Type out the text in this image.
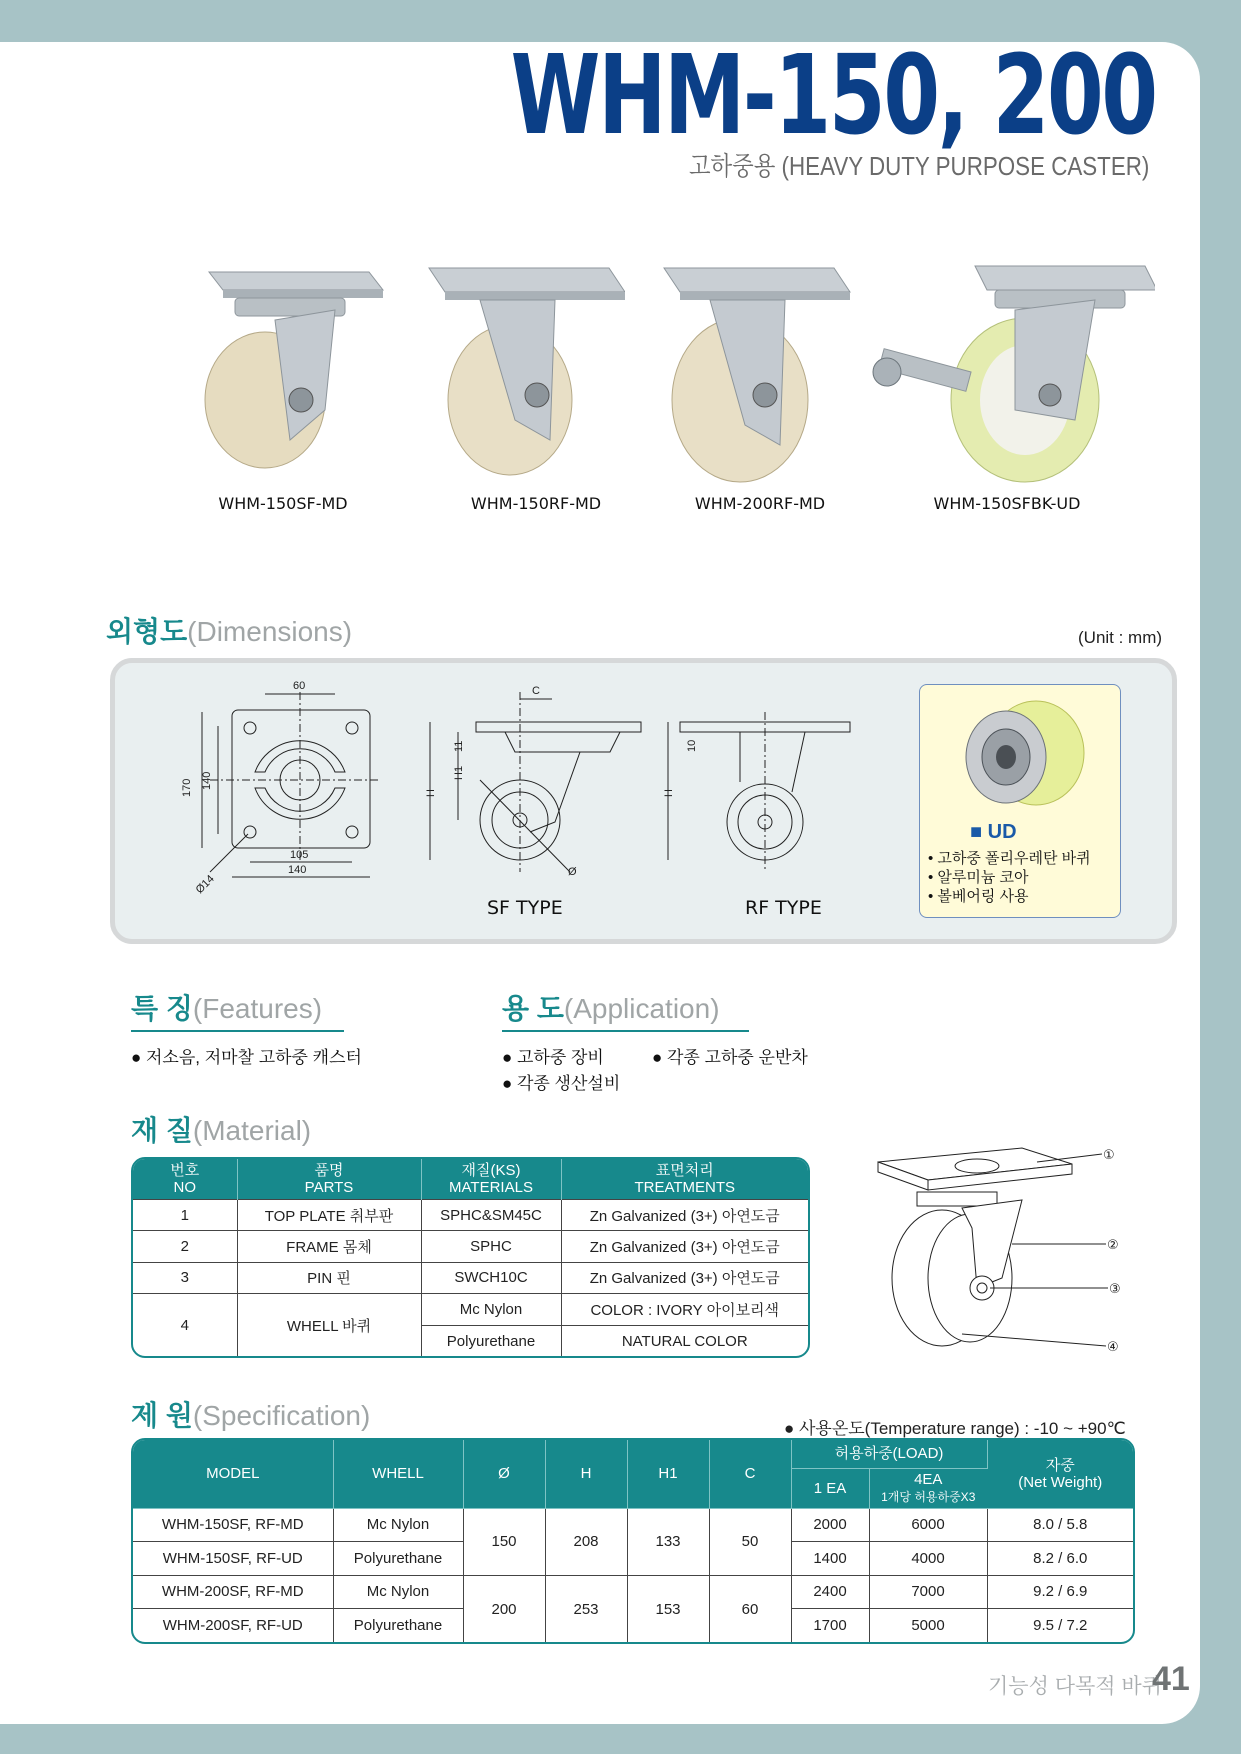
WHM-150, 200
고하중용 (HEAVY DUTY PURPOSE CASTER)
WHM-150SF-MD	WHM-150RF-MD	WHM-200RF-MD	WHM-150SFBK-UD
외형도(Dimensions)	(Unit : mm)
60
170 140
105
140
Ø14
C
H
H1
11
Ø
H
10
SF TYPE	RF TYPE
■ UD
• 고하중 폴리우레탄 바퀴
• 알루미늄 코아
• 볼베어링 사용
특 징(Features)
● 저소음, 저마찰 고하중 캐스터
용 도(Application)
● 고하중 장비	● 각종 고하중 운반차
● 각종 생산설비
재 질(Material)
번호
NO	품명
PARTS	재질(KS)
MATERIALS	표면처리
TREATMENTS
1	TOP PLATE 취부판	SPHC&SM45C	Zn Galvanized (3+) 아연도금
2	FRAME 몸체	SPHC	Zn Galvanized (3+) 아연도금
3	PIN 핀	SWCH10C	Zn Galvanized (3+) 아연도금
4	WHELL 바퀴	Mc Nylon	COLOR : IVORY 아이보리색
		Polyurethane	NATURAL COLOR
①
②
③
④
제 원(Specification)	● 사용온도(Temperature range) : -10 ~ +90℃
MODEL	WHELL	Ø	H	H1	C	허용하중(LOAD)		자중
(Net Weight)
						1 EA	4EA
1개당 허용하중X3	
WHM-150SF, RF-MD	Mc Nylon	150	208	133	50	2000	6000	8.0 / 5.8
WHM-150SF, RF-UD	Polyurethane					1400	4000	8.2 / 6.0
WHM-200SF, RF-MD	Mc Nylon	200	253	153	60	2400	7000	9.2 / 6.9
WHM-200SF, RF-UD	Polyurethane					1700	5000	9.5 / 7.2
기능성 다목적 바퀴
41
